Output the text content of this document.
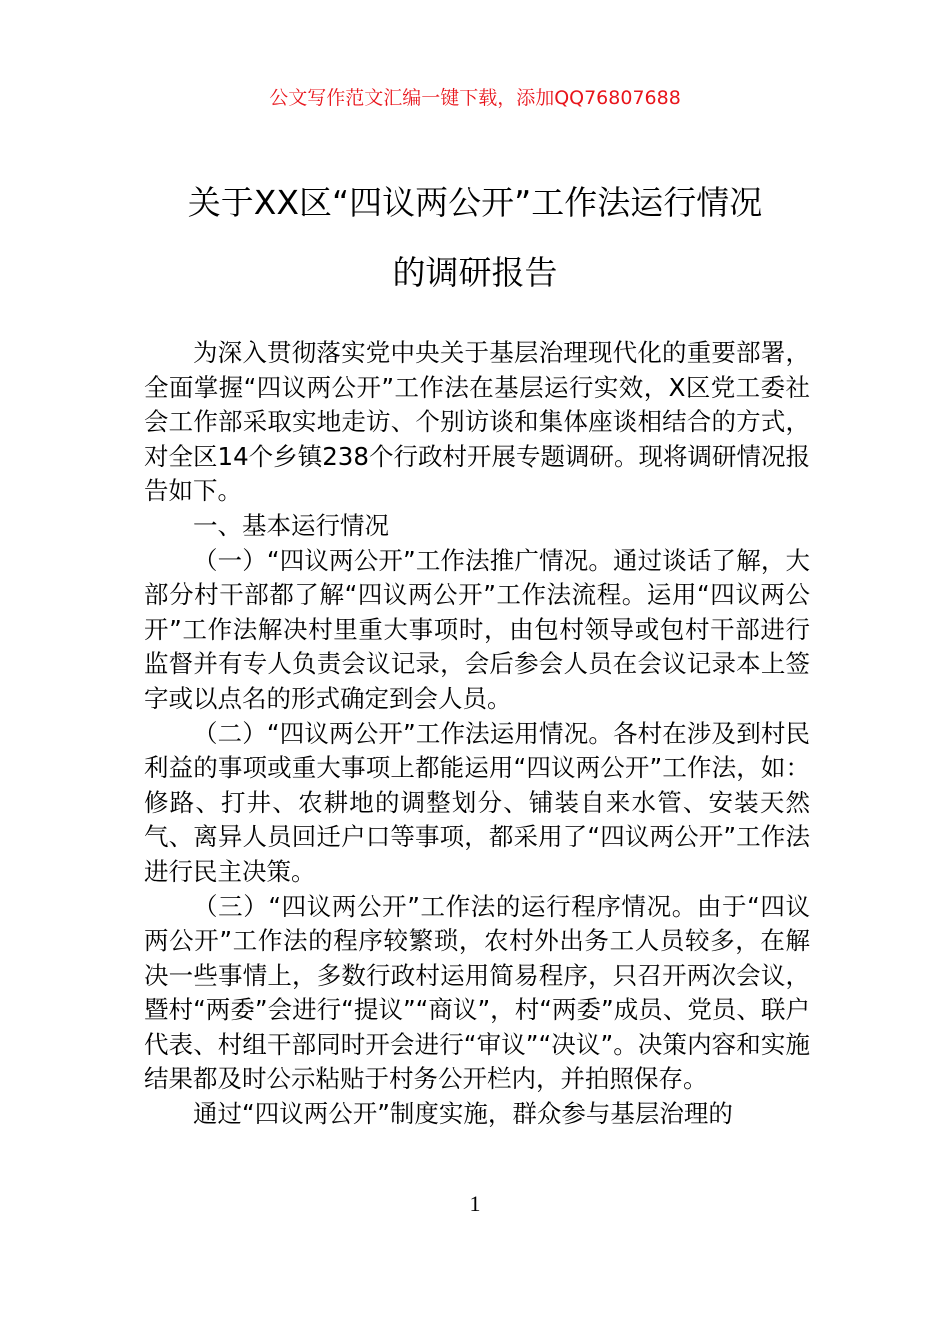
公文写作范文汇编一键下载，添加QQ76807688
关于XX区“四议两公开”工作法运行情况
的调研报告

为深入贯彻落实党中央关于基层治理现代化的重要部署，全面掌握“四议两公开”工作法在基层运行实效，X区党工委社会工作部采取实地走访、个别访谈和集体座谈相结合的方式，对全区14个乡镇238个行政村开展专题调研。现将调研情况报告如下。

一、基本运行情况

（一）“四议两公开”工作法推广情况。通过谈话了解，大部分村干部都了解“四议两公开”工作法流程。运用“四议两公开”工作法解决村里重大事项时，由包村领导或包村干部进行监督并有专人负责会议记录，会后参会人员在会议记录本上签字或以点名的形式确定到会人员。

（二）“四议两公开”工作法运用情况。各村在涉及到村民利益的事项或重大事项上都能运用“四议两公开”工作法，如：修路、打井、农耕地的调整划分、铺装自来水管、安装天然气、离异人员回迁户口等事项，都采用了“四议两公开”工作法进行民主决策。

（三）“四议两公开”工作法的运行程序情况。由于“四议两公开”工作法的程序较繁琐，农村外出务工人员较多，在解决一些事情上，多数行政村运用简易程序，只召开两次会议，暨村“两委”会进行“提议”“商议”，村“两委”成员、党员、联户代表、村组干部同时开会进行“审议”“决议”。决策内容和实施结果都及时公示粘贴于村务公开栏内，并拍照保存。

通过“四议两公开”制度实施，群众参与基层治理的

1
